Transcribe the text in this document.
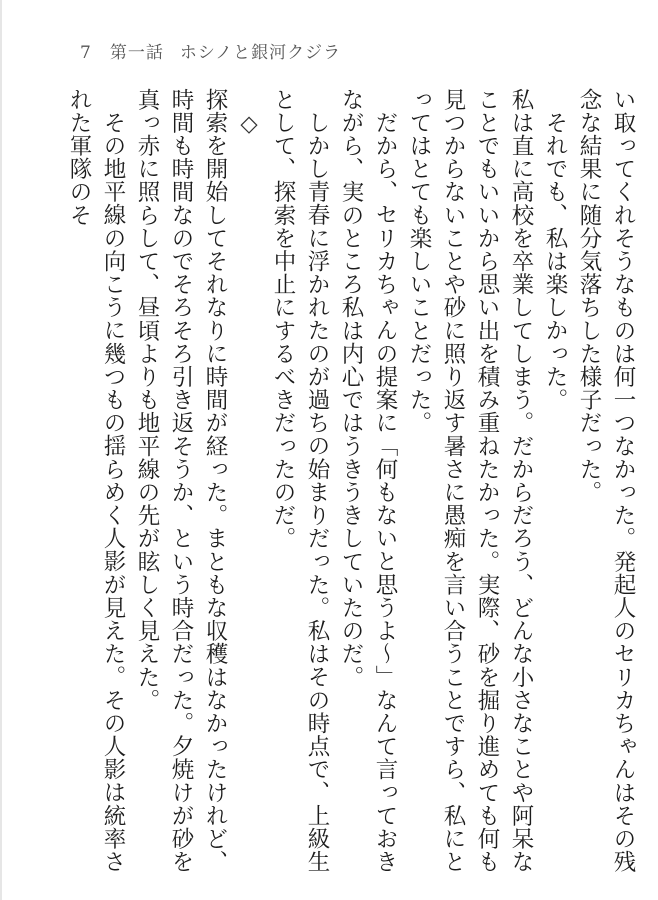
7 第一話 ホシノと銀河クジラ

い取ってくれそうなものは何一つなかった。発起人のセリカちゃんはその残念な結果に随分気落ちした様子だった。

それでも、私は楽しかった。

私は直に高校を卒業してしまう。だからだろう、どんな小さなことや阿呆なことでもいいから思い出を積み重ねたかった。実際、砂を掘り進めても何も見つからないことや砂に照り返す暑さに愚痴を言い合うことですら、私にとってはとても楽しいことだった。

だから、セリカちゃんの提案に「何もないと思うよ～」なんて言っておきながら、実のところ私は内心ではうきうきしていたのだ。

しかし青春に浮かれたのが過ちの始まりだった。私はその時点で、上級生として、探索を中止にするべきだったのだ。

◇

探索を開始してそれなりに時間が経った。まともな収穫はなかったけれど、時間も時間なのでそろそろ引き返そうか、という時合だった。夕焼けが砂を真っ赤に照らして、昼頃よりも地平線の先が眩しく見えた。

その地平線の向こうに幾つもの揺らめく人影が見えた。その人影は統率された軍隊のそ
